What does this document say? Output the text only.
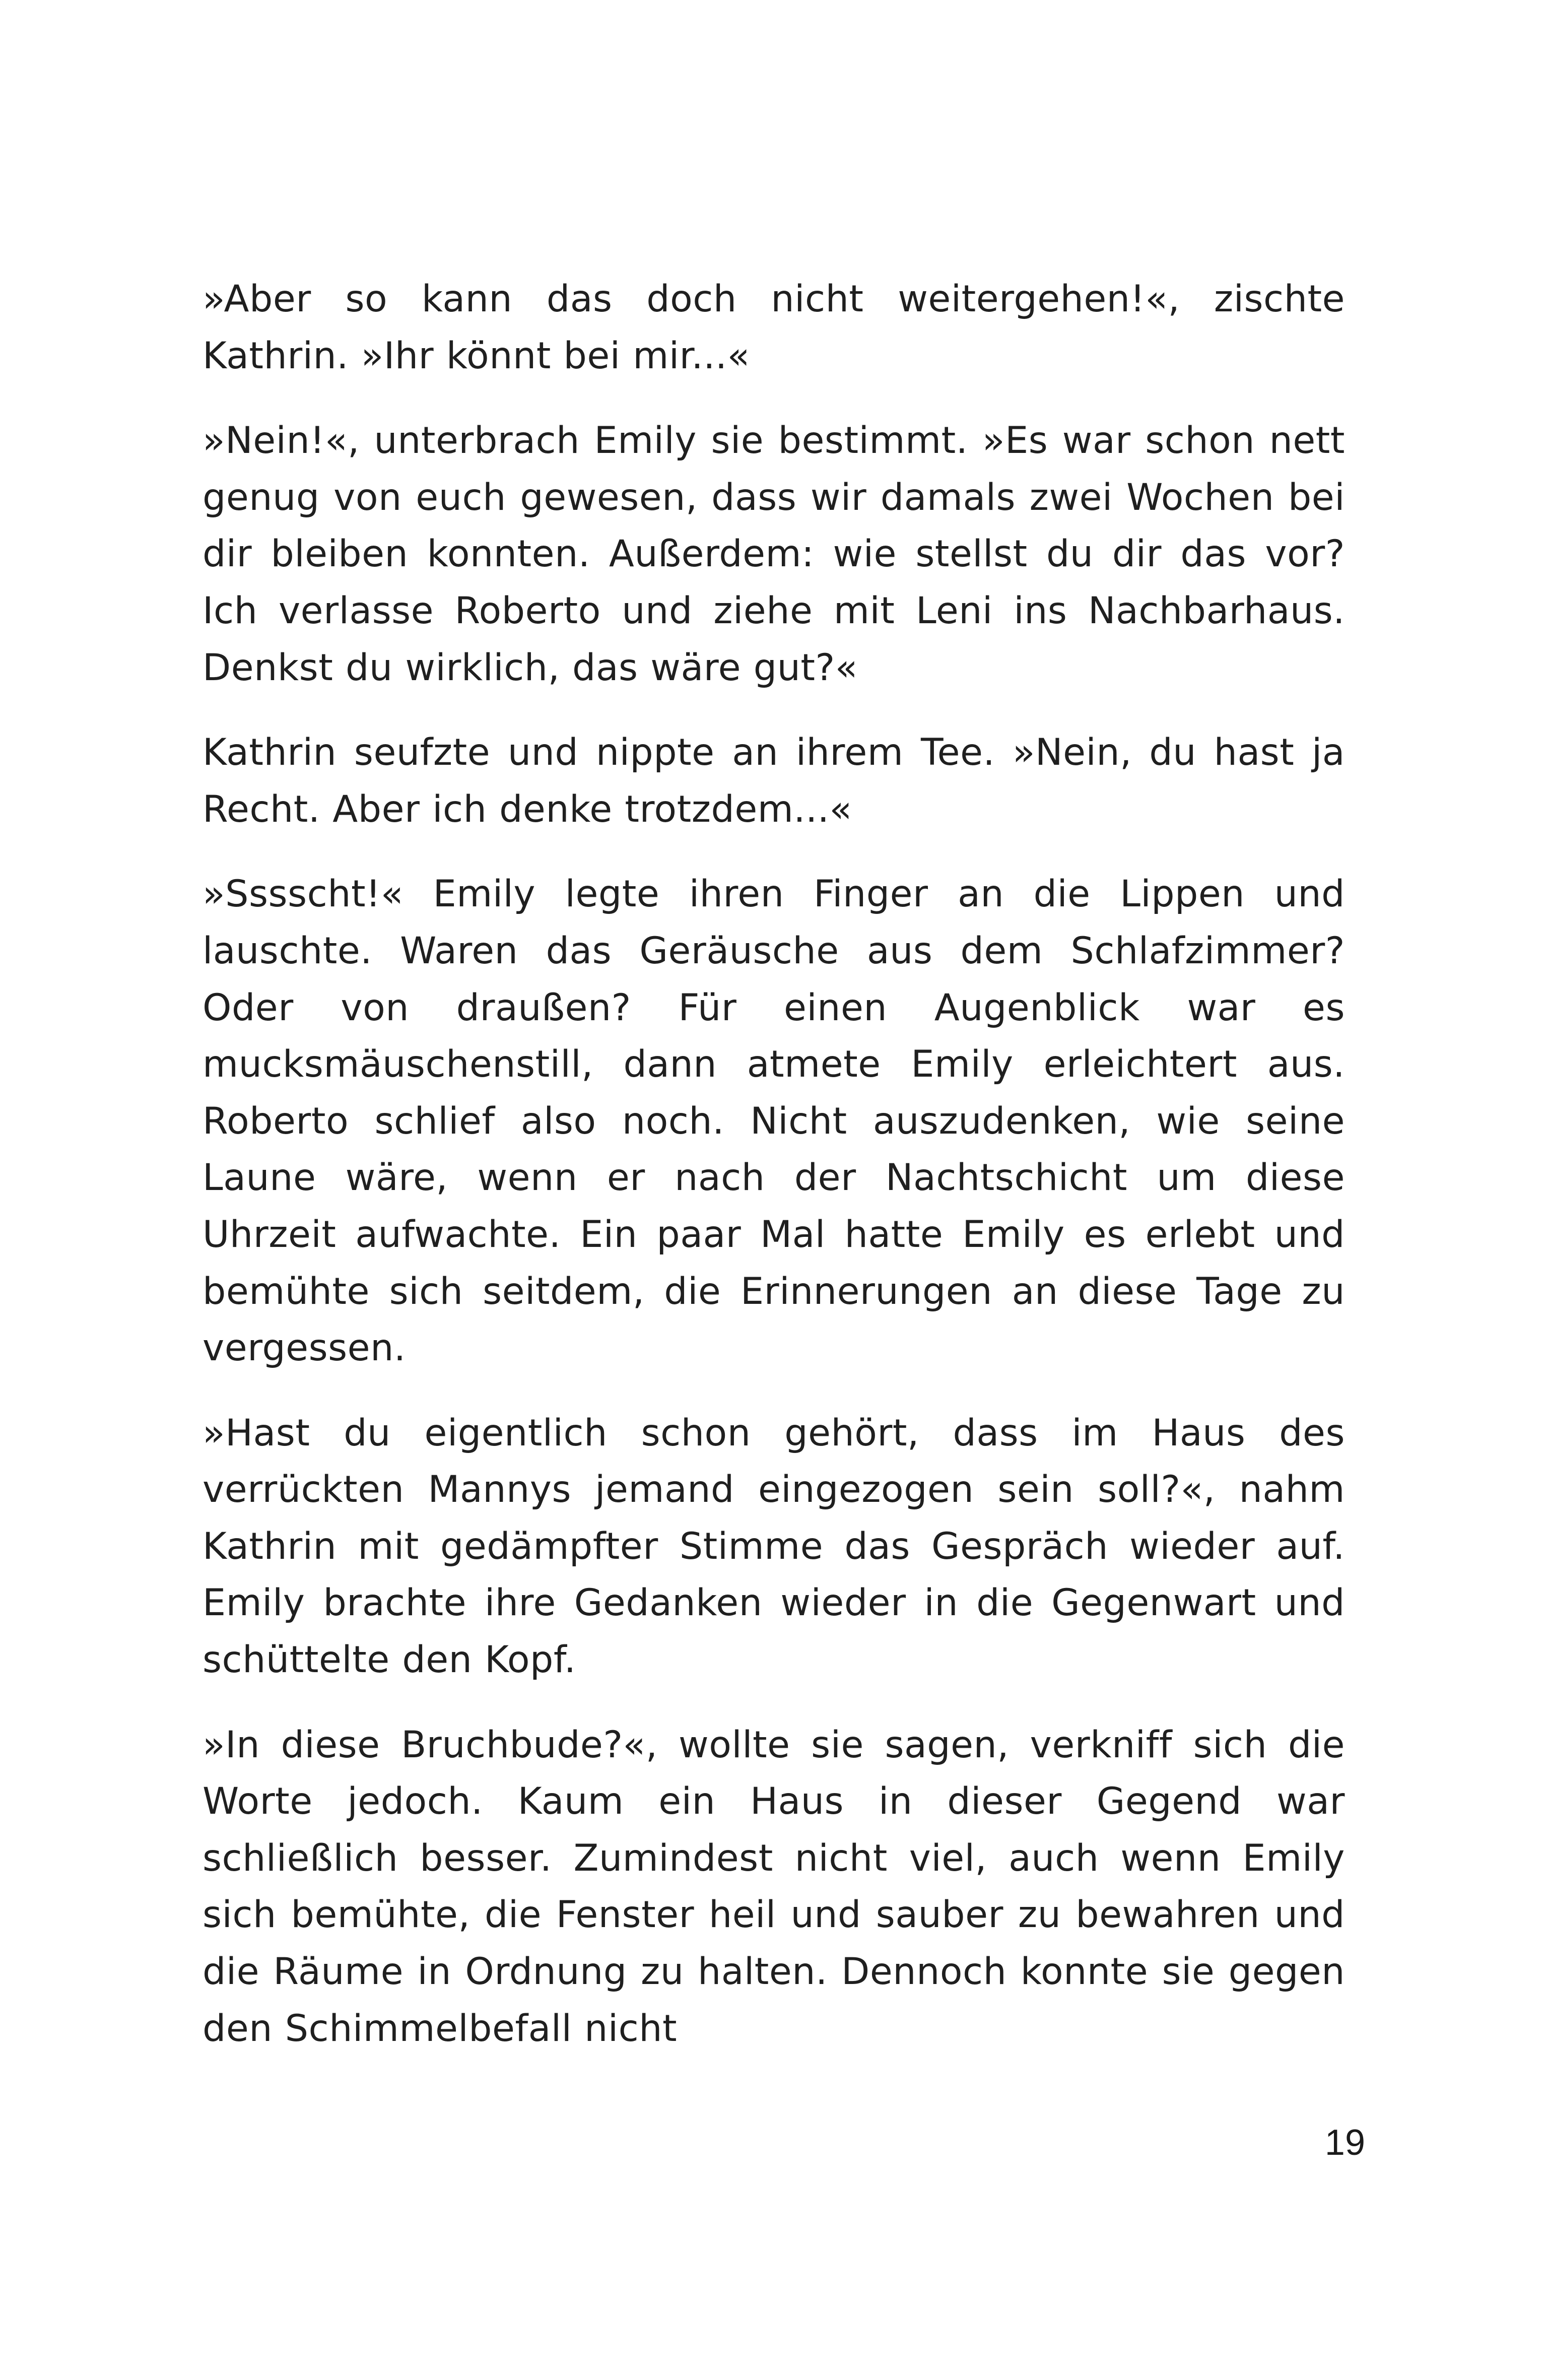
»Aber so kann das doch nicht weitergehen!«, zischte Kathrin. »Ihr könnt bei mir...«

»Nein!«, unterbrach Emily sie bestimmt. »Es war schon nett genug von euch gewesen, dass wir damals zwei Wochen bei dir bleiben konnten. Außerdem: wie stellst du dir das vor? Ich verlasse Roberto und ziehe mit Leni ins Nachbarhaus. Denkst du wirklich, das wäre gut?«

Kathrin seufzte und nippte an ihrem Tee. »Nein, du hast ja Recht. Aber ich denke trotzdem...«

»Sssscht!« Emily legte ihren Finger an die Lippen und lauschte. Waren das Geräusche aus dem Schlafzimmer? Oder von draußen? Für einen Augenblick war es mucksmäuschenstill, dann atmete Emily erleichtert aus. Roberto schlief also noch. Nicht auszudenken, wie seine Laune wäre, wenn er nach der Nachtschicht um diese Uhrzeit aufwachte. Ein paar Mal hatte Emily es erlebt und bemühte sich seitdem, die Erinnerungen an diese Tage zu vergessen.

»Hast du eigentlich schon gehört, dass im Haus des verrückten Mannys jemand eingezogen sein soll?«, nahm Kathrin mit gedämpfter Stimme das Gespräch wieder auf. Emily brachte ihre Gedanken wieder in die Gegenwart und schüttelte den Kopf.

»In diese Bruchbude?«, wollte sie sagen, verkniff sich die Worte jedoch. Kaum ein Haus in dieser Gegend war schließlich besser. Zumindest nicht viel, auch wenn Emily sich bemühte, die Fenster heil und sauber zu bewahren und die Räume in Ordnung zu halten. Dennoch konnte sie gegen den Schimmelbefall nicht

19
